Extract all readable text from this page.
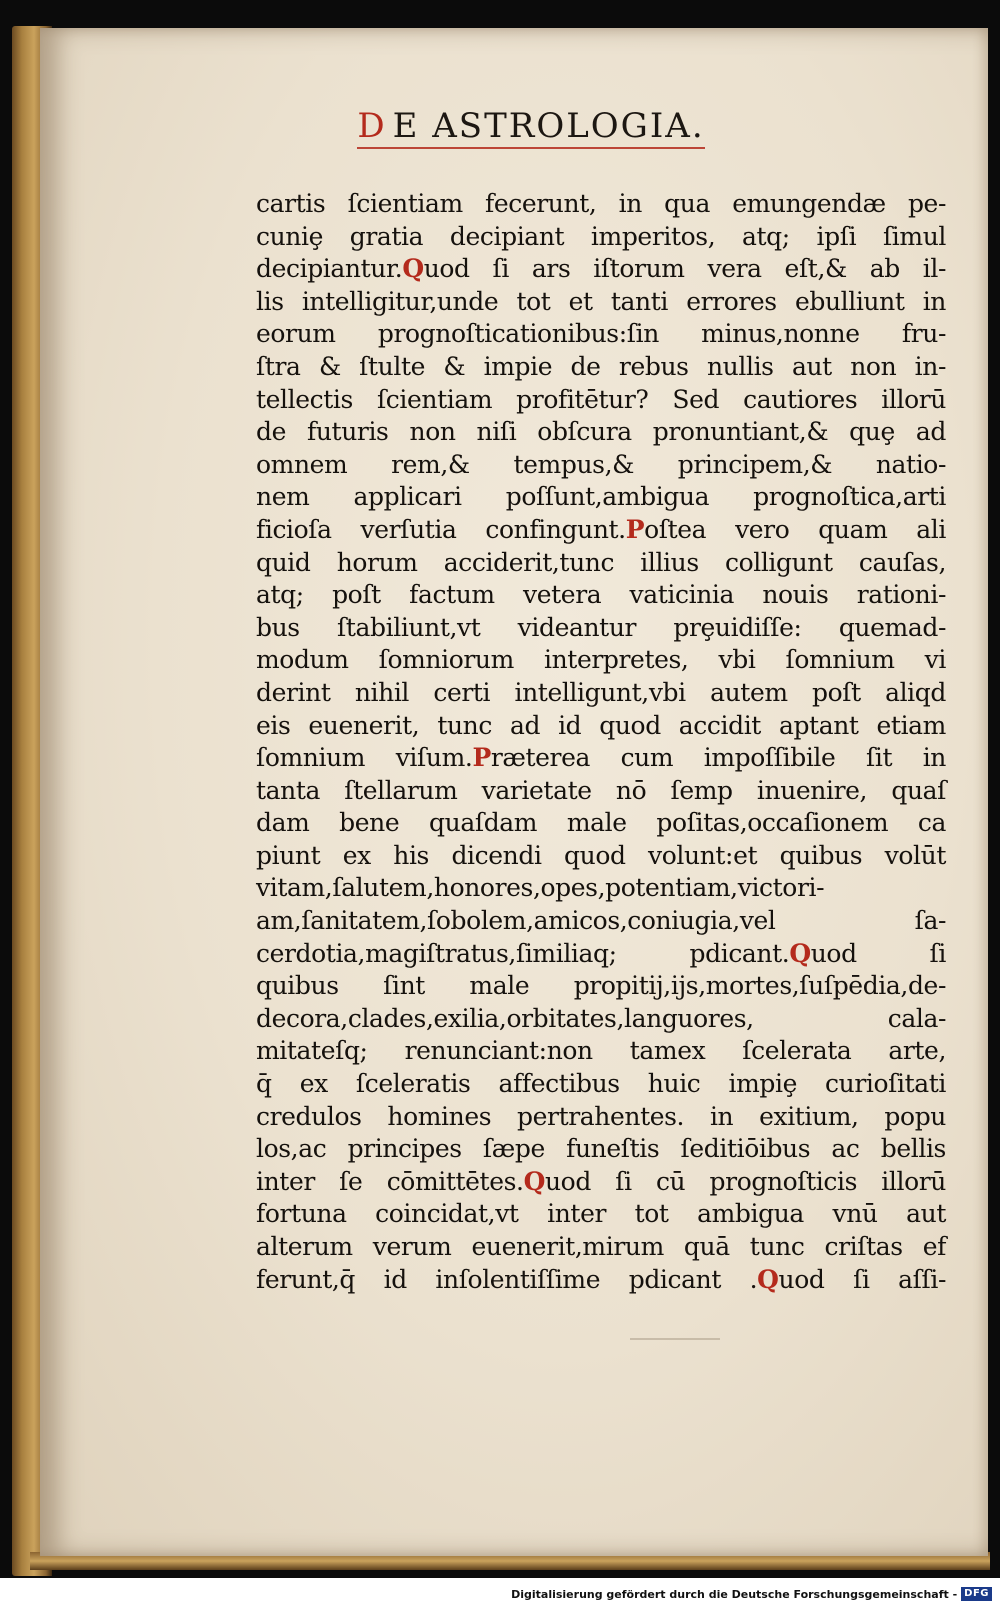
D E ASTROLOGIA.
cartis ſcientiam fecerunt, in qua emungendæ pe-
cuniȩ gratia decipiant imperitos, atq; ipſi ſimul
decipiantur.Quod ſi ars iſtorum vera eſt,& ab il-
lis intelligitur,unde tot et tanti errores ebulliunt in
eorum prognoſticationibus:ſin minus,nonne fru-
ſtra & ſtulte & impie de rebus nullis aut non in-
tellectis ſcientiam profitētur? Sed cautiores illorū
de futuris non niſi obſcura pronuntiant,& quȩ ad
omnem rem,& tempus,& principem,& natio-
nem applicari poſſunt,ambigua prognoſtica,arti
ficioſa verſutia confingunt.Poſtea vero quam ali
quid horum acciderit,tunc illius colligunt cauſas,
atq; poſt factum vetera vaticinia nouis rationi-
bus ſtabiliunt,vt videantur prȩuidiſſe: quemad-
modum ſomniorum interpretes, vbi ſomnium vi
derint nihil certi intelligunt,vbi autem poſt aliqd
eis euenerit, tunc ad id quod accidit aptant etiam
ſomnium viſum.Præterea cum impoſſibile ſit in
tanta ſtellarum varietate nō ſemp inuenire, quaſ
dam bene quaſdam male poſitas,occaſionem ca
piunt ex his dicendi quod volunt:et quibus volūt
vitam,ſalutem,honores,opes,potentiam,victori-
am,ſanitatem,ſobolem,amicos,coniugia,vel ſa-
cerdotia,magiſtratus,ſimiliaq; pdicant.Quod ſi
quibus ſint male propitij,ijs,mortes,ſuſpēdia,de-
decora,clades,exilia,orbitates,languores, cala-
mitateſq; renunciant:non tamex ſcelerata arte,
q̄ ex ſceleratis affectibus huic impiȩ curioſitati
credulos homines pertrahentes. in exitium, popu
los,ac principes ſæpe funeſtis ſeditiōibus ac bellis
inter ſe cōmittētes.Quod ſi cū prognoſticis illorū
fortuna coincidat,vt inter tot ambigua vnū aut
alterum verum euenerit,mirum quā tunc criſtas ef
ferunt,q̄ id inſolentiſſime pdicant .Quod ſi aſſi-
Digitalisierung gefördert durch die Deutsche Forschungsgemeinschaft - DFG
